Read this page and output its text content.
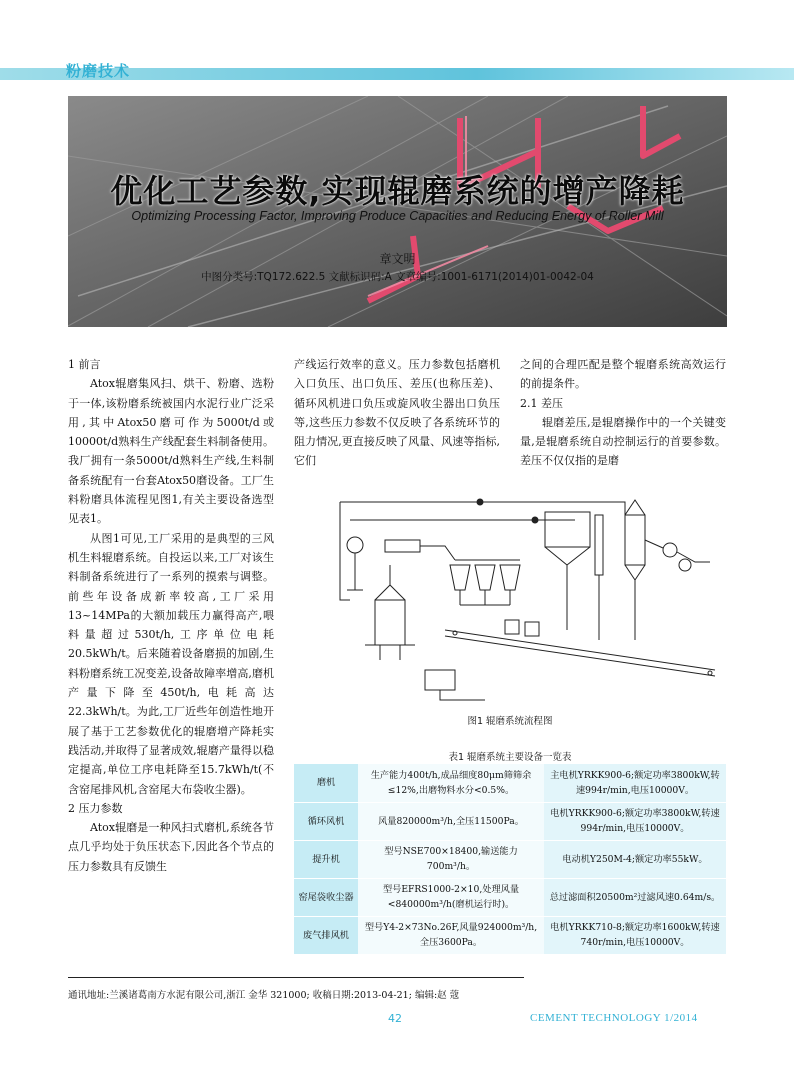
粉磨技术
优化工艺参数,实现辊磨系统的增产降耗
Optimizing Processing Factor, Improving Produce Capacities and Reducing Energy of Roller Mill
章文明
中图分类号:TQ172.622.5 文献标识码:A 文章编号:1001-6171(2014)01-0042-04
1 前言

Atox辊磨集风扫、烘干、粉磨、选粉于一体,该粉磨系统被国内水泥行业广泛采用,其中Atox50磨可作为5000t/d或10000t/d熟料生产线配套生料制备使用。我厂拥有一条5000t/d熟料生产线,生料制备系统配有一台套Atox50磨设备。工厂生料粉磨具体流程见图1,有关主要设备选型见表1。

从图1可见,工厂采用的是典型的三风机生料辊磨系统。自投运以来,工厂对该生料制备系统进行了一系列的摸索与调整。前些年设备成新率较高,工厂采用13~14MPa的大额加载压力赢得高产,喂料量超过530t/h,工序单位电耗20.5kWh/t。后来随着设备磨损的加剧,生料粉磨系统工况变差,设备故障率增高,磨机产量下降至450t/h,电耗高达22.3kWh/t。为此,工厂近些年创造性地开展了基于工艺参数优化的辊磨增产降耗实践活动,并取得了显著成效,辊磨产量得以稳定提高,单位工序电耗降至15.7kWh/t(不含窑尾排风机,含窑尾大布袋收尘器)。

2 压力参数

Atox辊磨是一种风扫式磨机,系统各节点几乎均处于负压状态下,因此各个节点的压力参数具有反馈生

产线运行效率的意义。压力参数包括磨机入口负压、出口负压、差压(也称压差)、循环风机进口负压或旋风收尘器出口负压等,这些压力参数不仅反映了各系统环节的阻力情况,更直接反映了风量、风速等指标,它们

之间的合理匹配是整个辊磨系统高效运行的前提条件。

2.1 差压

辊磨差压,是辊磨操作中的一个关键变量,是辊磨系统自动控制运行的首要参数。差压不仅仅指的是磨

图1 辊磨系统流程图
表1 辊磨系统主要设备一览表
磨机	生产能力400t/h,成品细度80μm筛筛余≤12%,出磨物料水分<0.5%。	主电机YRKK900-6;额定功率3800kW,转速994r/min,电压10000V。
循环风机	风量820000m³/h,全压11500Pa。	电机YRKK900-6;额定功率3800kW,转速994r/min,电压10000V。
提升机	型号NSE700×18400,输送能力700m³/h。	电动机Y250M-4;额定功率55kW。
窑尾袋收尘器	型号EFRS1000-2×10,处理风量<840000m³/h(磨机运行时)。	总过滤面积20500m²过滤风速0.64m/s。
废气排风机	型号Y4-2×73No.26F,风量924000m³/h,全压3600Pa。	电机YRKK710-8;额定功率1600kW,转速740r/min,电压10000V。
通讯地址:兰溪诸葛南方水泥有限公司,浙江 金华 321000; 收稿日期:2013-04-21; 编辑:赵 蔻
42	CEMENT TECHNOLOGY 1/2014
